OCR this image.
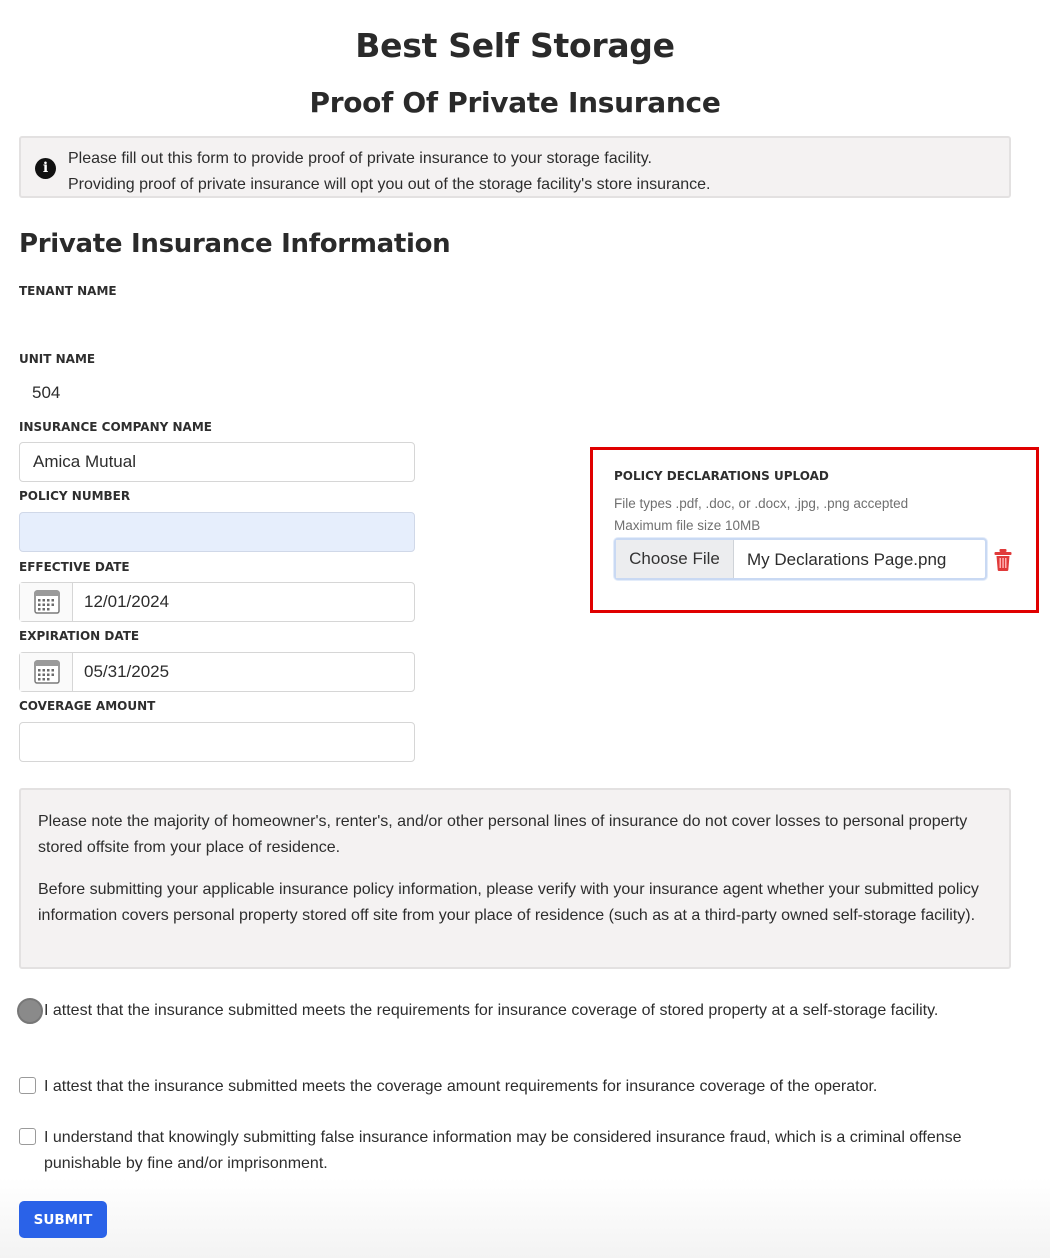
Best Self Storage
Proof Of Private Insurance
i
Please fill out this form to provide proof of private insurance to your storage facility.
Providing proof of private insurance will opt you out of the storage facility's store insurance.
Private Insurance Information
TENANT NAME
UNIT NAME
504
INSURANCE COMPANY NAME
Amica Mutual
POLICY NUMBER
EFFECTIVE DATE
12/01/2024
EXPIRATION DATE
05/31/2025
COVERAGE AMOUNT
POLICY DECLARATIONS UPLOAD
File types .pdf, .doc, or .docx, .jpg, .png accepted
Maximum file size 10MB
Choose File	My Declarations Page.png

Please note the majority of homeowner's, renter's, and/or other personal lines of insurance do not cover losses to personal property stored offsite from your place of residence.

Before submitting your applicable insurance policy information, please verify with your insurance agent whether your submitted policy information covers personal property stored off site from your place of residence (such as at a third-party owned self-storage facility).

I attest that the insurance submitted meets the requirements for insurance coverage of stored property at a self-storage facility.
I attest that the insurance submitted meets the coverage amount requirements for insurance coverage of the operator.
I understand that knowingly submitting false insurance information may be considered insurance fraud, which is a criminal offense punishable by fine and/or imprisonment.
SUBMIT
